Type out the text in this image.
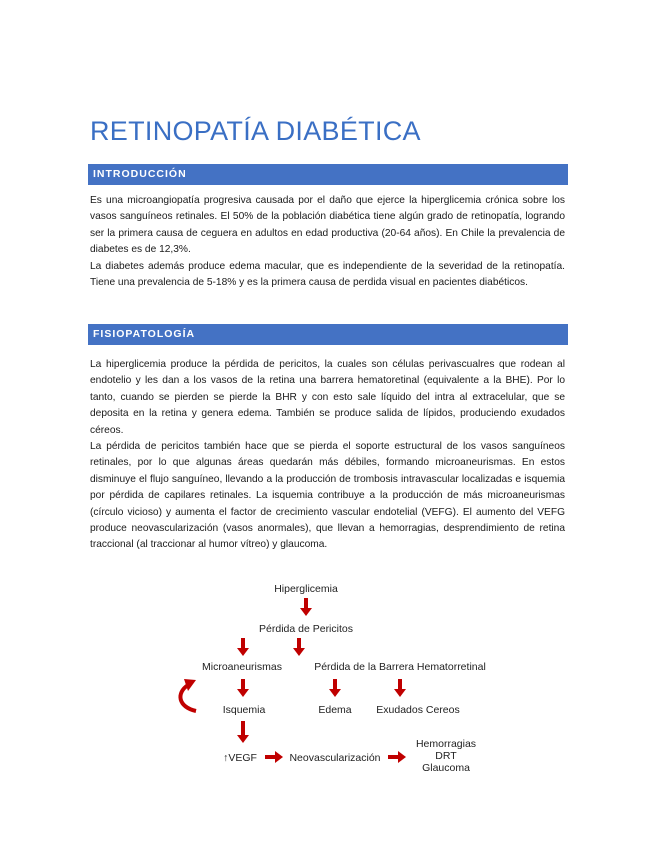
RETINOPATÍA DIABÉTICA
INTRODUCCIÓN

Es una microangiopatía progresiva causada por el daño que ejerce la hiperglicemia crónica sobre los vasos sanguíneos retinales. El 50% de la población diabética tiene algún grado de retinopatía, logrando ser la primera causa de ceguera en adultos en edad productiva (20-64 años). En Chile la prevalencia de diabetes es de 12,3%.

La diabetes además produce edema macular, que es independiente de la severidad de la retinopatía. Tiene una prevalencia de 5-18% y es la primera causa de perdida visual en pacientes diabéticos.

FISIOPATOLOGÍA

La hiperglicemia produce la pérdida de pericitos, la cuales son células perivascualres que rodean al endotelio y les dan a los vasos de la retina una barrera hematoretinal (equivalente a la BHE). Por lo tanto, cuando se pierden se pierde la BHR y con esto sale líquido del intra al extracelular, que se deposita en la retina y genera edema. También se produce salida de lípidos, produciendo exudados céreos.

La pérdida de pericitos también hace que se pierda el soporte estructural de los vasos sanguíneos retinales, por lo que algunas áreas quedarán más débiles, formando microaneurismas. En estos disminuye el flujo sanguíneo, llevando a la producción de trombosis intravascular localizadas e isquemia por pérdida de capilares retinales. La isquemia contribuye a la producción de más microaneurismas (círculo vicioso) y aumenta el factor de crecimiento vascular endotelial (VEFG). El aumento del VEFG produce neovascularización (vasos anormales), que llevan a hemorragias, desprendimiento de retina traccional (al traccionar al humor vítreo) y glaucoma.

Hiperglicemia
Pérdida de Pericitos
Microaneurismas	Pérdida de la Barrera Hematorretinal
Isquemia	Edema Exudados Cereos
↑VEGF	Neovascularización
Hemorragias
DRT
Glaucoma
